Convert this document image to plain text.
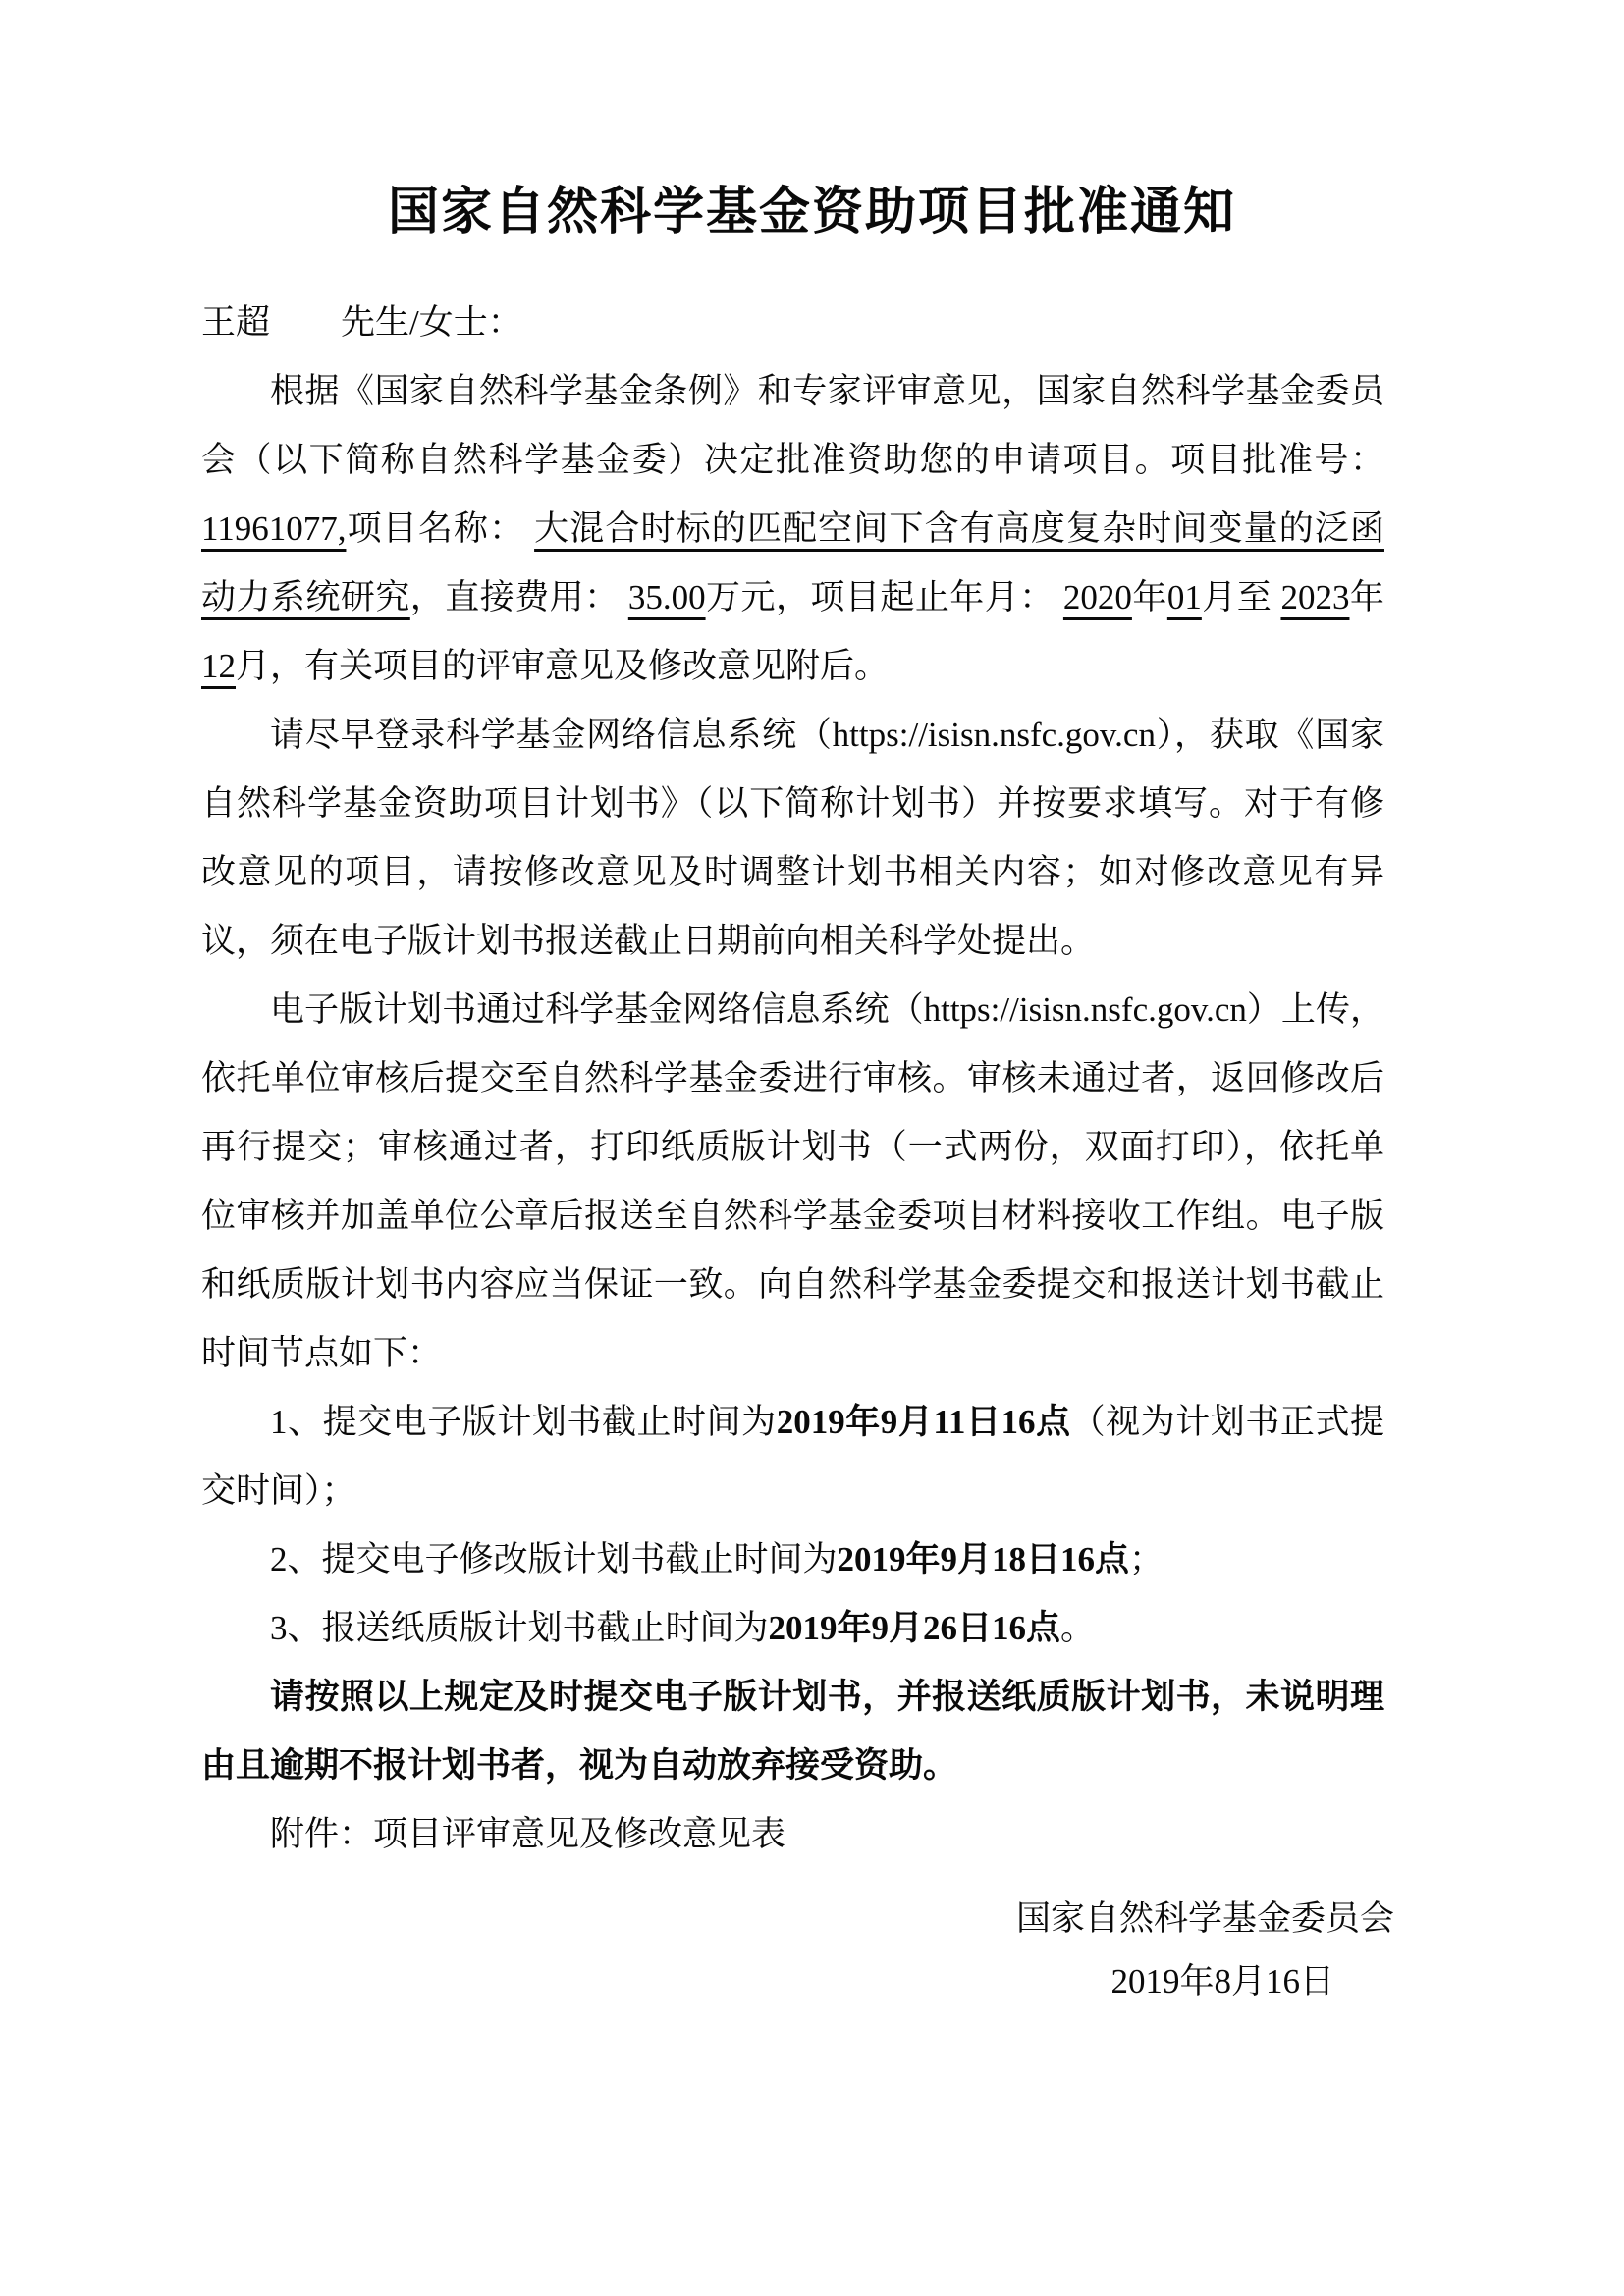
国家自然科学基金资助项目批准通知

王超 先生/女士：

根据《国家自然科学基金条例》和专家评审意见，国家自然科学基金委员会（以下简称自然科学基金委）决定批准资助您的申请项目。项目批准号：11961077,项目名称： 大混合时标的匹配空间下含有高度复杂时间变量的泛函动力系统研究，直接费用： 35.00万元，项目起止年月： 2020年01月至 2023年 12月，有关项目的评审意见及修改意见附后。

请尽早登录科学基金网络信息系统（https://isisn.nsfc.gov.cn），获取《国家自然科学基金资助项目计划书》（以下简称计划书）并按要求填写。对于有修改意见的项目，请按修改意见及时调整计划书相关内容；如对修改意见有异议，须在电子版计划书报送截止日期前向相关科学处提出。

电子版计划书通过科学基金网络信息系统（https://isisn.nsfc.gov.cn）上传，依托单位审核后提交至自然科学基金委进行审核。审核未通过者，返回修改后再行提交；审核通过者，打印纸质版计划书（一式两份，双面打印），依托单位审核并加盖单位公章后报送至自然科学基金委项目材料接收工作组。电子版和纸质版计划书内容应当保证一致。向自然科学基金委提交和报送计划书截止时间节点如下：

1、提交电子版计划书截止时间为2019年9月11日16点（视为计划书正式提交时间）；

2、提交电子修改版计划书截止时间为2019年9月18日16点；

3、报送纸质版计划书截止时间为2019年9月26日16点。

请按照以上规定及时提交电子版计划书，并报送纸质版计划书，未说明理由且逾期不报计划书者，视为自动放弃接受资助。

附件：项目评审意见及修改意见表

国家自然科学基金委员会

2019年8月16日
